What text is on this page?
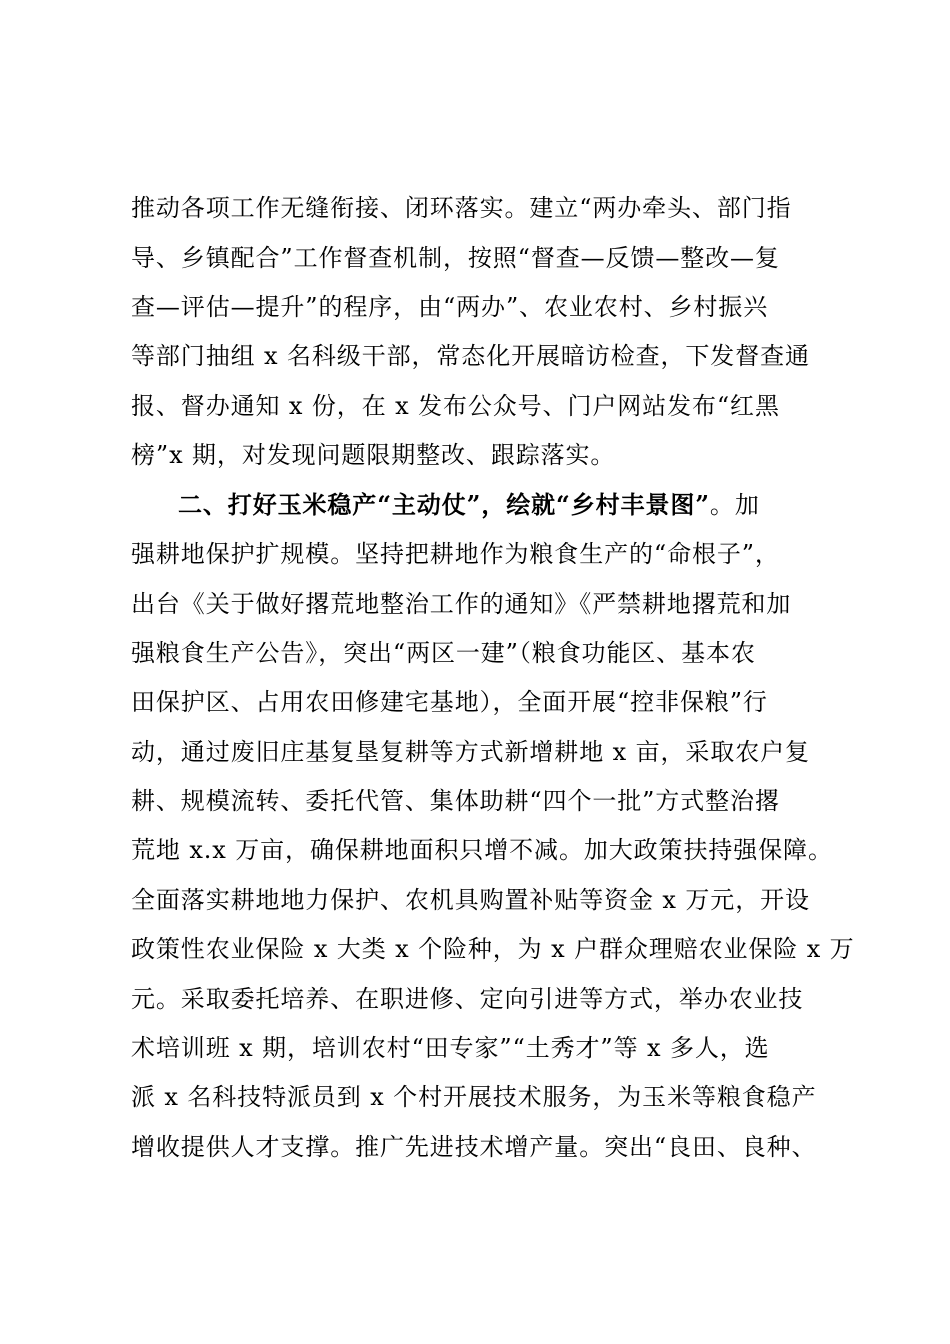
推动各项工作无缝衔接、闭环落实。建立“两办牵头、部门指
导、乡镇配合”工作督查机制，按照“督查—反馈—整改—复
查—评估—提升”的程序，由“两办”、农业农村、乡村振兴
等部门抽组 x 名科级干部，常态化开展暗访检查，下发督查通
报、督办通知 x 份，在 x 发布公众号、门户网站发布“红黑
榜”x 期，对发现问题限期整改、跟踪落实。
二、打好玉米稳产“主动仗”，绘就“乡村丰景图”。加
强耕地保护扩规模。坚持把耕地作为粮食生产的“命根子”，
出台《关于做好撂荒地整治工作的通知》《严禁耕地撂荒和加
强粮食生产公告》，突出“两区一建”（粮食功能区、基本农
田保护区、占用农田修建宅基地），全面开展“控非保粮”行
动，通过废旧庄基复垦复耕等方式新增耕地 x 亩，采取农户复
耕、规模流转、委托代管、集体助耕“四个一批”方式整治撂
荒地 x.x 万亩，确保耕地面积只增不减。加大政策扶持强保障。
全面落实耕地地力保护、农机具购置补贴等资金 x 万元，开设
政策性农业保险 x 大类 x 个险种，为 x 户群众理赔农业保险 x 万
元。采取委托培养、在职进修、定向引进等方式，举办农业技
术培训班 x 期，培训农村“田专家”“土秀才”等 x 多人，选
派 x 名科技特派员到 x 个村开展技术服务，为玉米等粮食稳产
增收提供人才支撑。推广先进技术增产量。突出“良田、良种、
